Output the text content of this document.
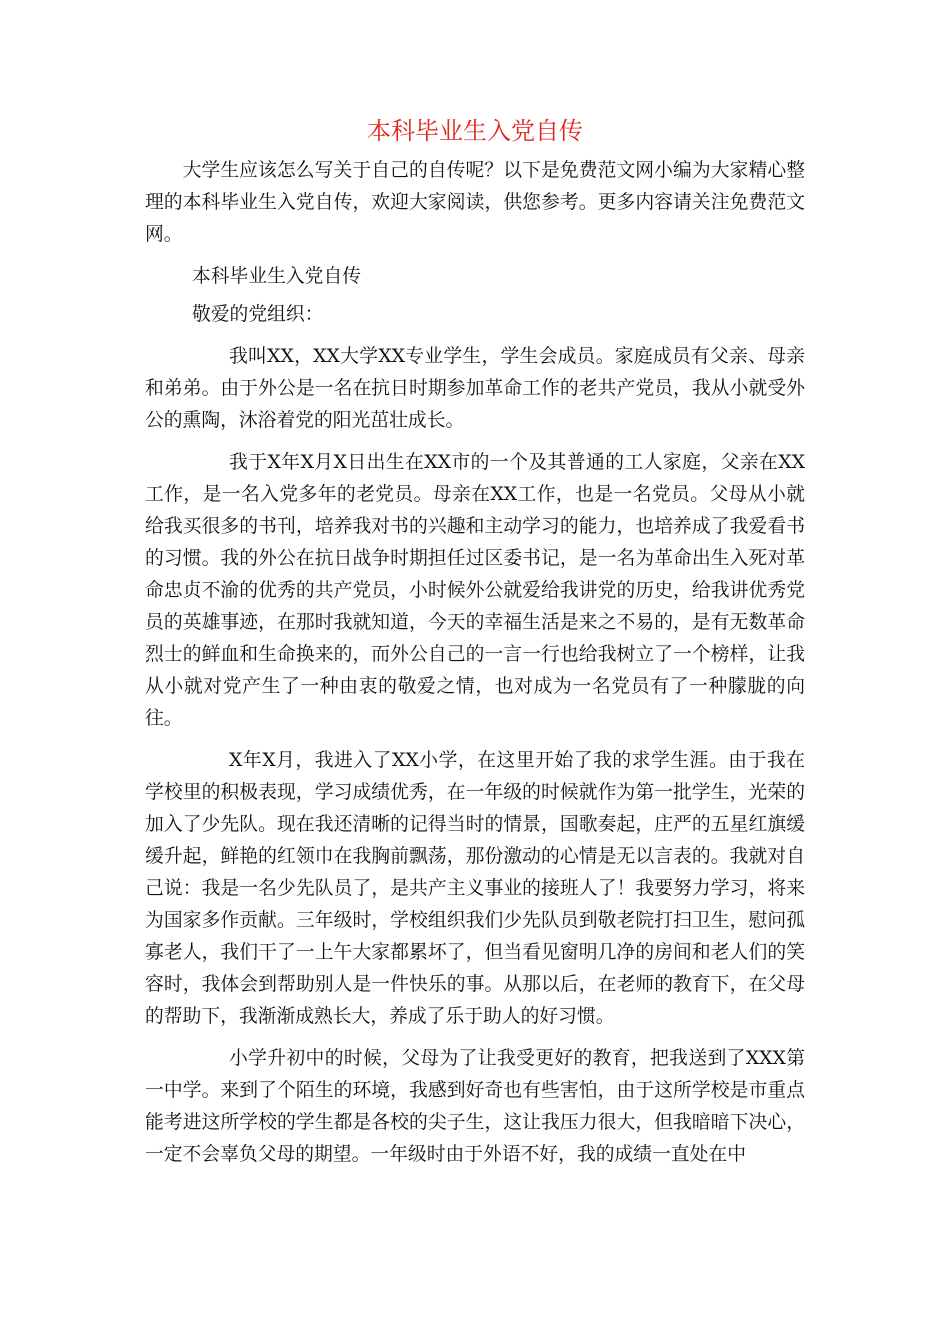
本科毕业生入党自传

大学生应该怎么写关于自己的自传呢？以下是免费范文网小编为大家精心整理的本科毕业生入党自传，欢迎大家阅读，供您参考。更多内容请关注免费范文网。

本科毕业生入党自传

敬爱的党组织：

我叫XX，XX大学XX专业学生，学生会成员。家庭成员有父亲、母亲和弟弟。由于外公是一名在抗日时期参加革命工作的老共产党员，我从小就受外公的熏陶，沐浴着党的阳光茁壮成长。

我于X年X月X日出生在XX市的一个及其普通的工人家庭，父亲在XX工作，是一名入党多年的老党员。母亲在XX工作，也是一名党员。父母从小就给我买很多的书刊，培养我对书的兴趣和主动学习的能力，也培养成了我爱看书的习惯。我的外公在抗日战争时期担任过区委书记，是一名为革命出生入死对革命忠贞不渝的优秀的共产党员，小时候外公就爱给我讲党的历史，给我讲优秀党员的英雄事迹，在那时我就知道，今天的幸福生活是来之不易的，是有无数革命烈士的鲜血和生命换来的，而外公自己的一言一行也给我树立了一个榜样，让我从小就对党产生了一种由衷的敬爱之情，也对成为一名党员有了一种朦胧的向往。

X年X月，我进入了XX小学，在这里开始了我的求学生涯。由于我在学校里的积极表现，学习成绩优秀，在一年级的时候就作为第一批学生，光荣的加入了少先队。现在我还清晰的记得当时的情景，国歌奏起，庄严的五星红旗缓缓升起，鲜艳的红领巾在我胸前飘荡，那份激动的心情是无以言表的。我就对自己说：我是一名少先队员了，是共产主义事业的接班人了！我要努力学习，将来为国家多作贡献。三年级时，学校组织我们少先队员到敬老院打扫卫生，慰问孤寡老人，我们干了一上午大家都累坏了，但当看见窗明几净的房间和老人们的笑容时，我体会到帮助别人是一件快乐的事。从那以后，在老师的教育下，在父母的帮助下，我渐渐成熟长大，养成了乐于助人的好习惯。

小学升初中的时候，父母为了让我受更好的教育，把我送到了XXX第一中学。来到了个陌生的环境，我感到好奇也有些害怕，由于这所学校是市重点能考进这所学校的学生都是各校的尖子生，这让我压力很大，但我暗暗下决心，一定不会辜负父母的期望。一年级时由于外语不好，我的成绩一直处在中
